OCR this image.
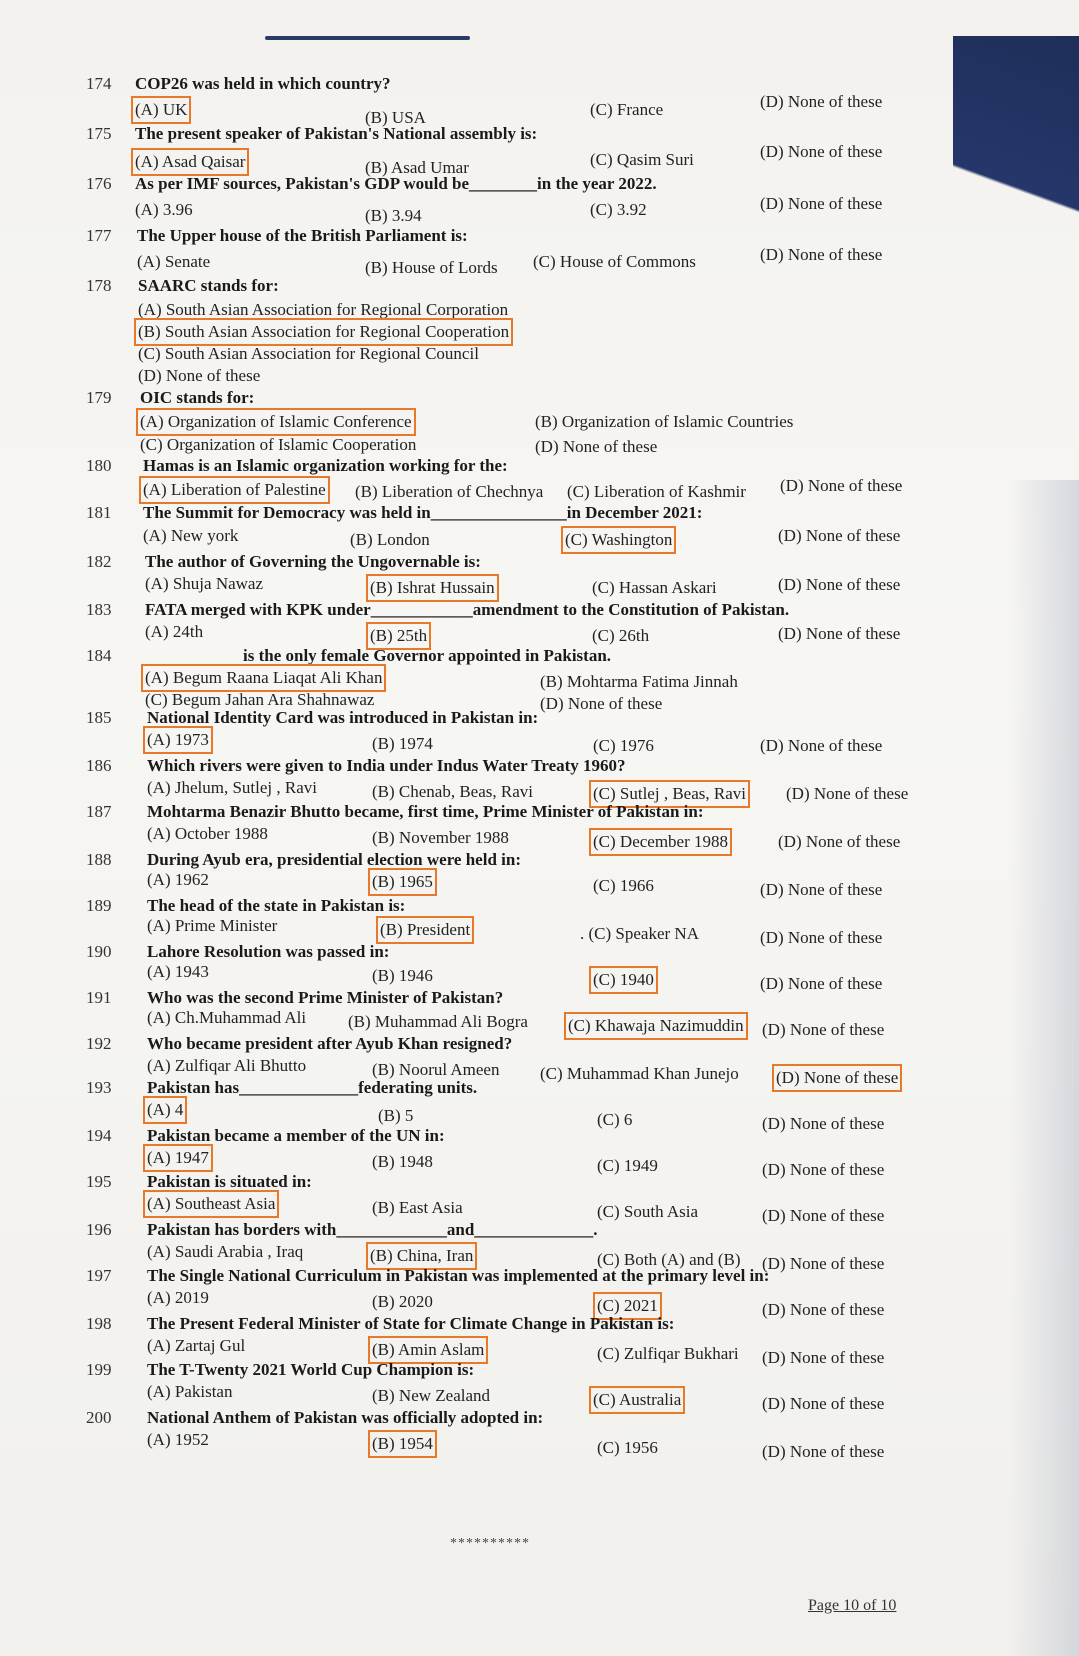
174	COP26 was held in which country?
(A) UK	(B) USA	(C) France	(D) None of these
175	The present speaker of Pakistan's National assembly is:
(A) Asad Qaisar	(B) Asad Umar	(C) Qasim Suri	(D) None of these
176	As per IMF sources, Pakistan's GDP would be________in the year 2022.
(A) 3.96	(B) 3.94	(C) 3.92	(D) None of these
177	The Upper house of the British Parliament is:
(A) Senate	(B) House of Lords (C) House of Commons	(D) None of these
178	SAARC stands for:
(A) South Asian Association for Regional Corporation
(B) South Asian Association for Regional Cooperation
(C) South Asian Association for Regional Council
(D) None of these
179	OIC stands for:
(A) Organization of Islamic Conference	(B) Organization of Islamic Countries
(C) Organization of Islamic Cooperation	(D) None of these
180	Hamas is an Islamic organization working for the:
(A) Liberation of Palestine (B) Liberation of Chechnya (C) Liberation of Kashmir (D) None of these
181	The Summit for Democracy was held in________________in December 2021:
(A) New york	(B) London	(C) Washington	(D) None of these
182	The author of Governing the Ungovernable is:
(A) Shuja Nawaz	(B) Ishrat Hussain	(C) Hassan Askari	(D) None of these
183	FATA merged with KPK under____________amendment to the Constitution of Pakistan.
(A) 24th	(B) 25th	(C) 26th	(D) None of these
184	is the only female Governor appointed in Pakistan.
(A) Begum Raana Liaqat Ali Khan	(B) Mohtarma Fatima Jinnah
(C) Begum Jahan Ara Shahnawaz	(D) None of these
185	National Identity Card was introduced in Pakistan in:
(A) 1973	(B) 1974	(C) 1976	(D) None of these
186	Which rivers were given to India under Indus Water Treaty 1960?
(A) Jhelum, Sutlej , Ravi	(B) Chenab, Beas, Ravi	(C) Sutlej , Beas, Ravi (D) None of these
187	Mohtarma Benazir Bhutto became, first time, Prime Minister of Pakistan in:
(A) October 1988	(B) November 1988	(C) December 1988	(D) None of these
188	During Ayub era, presidential election were held in:
(A) 1962	(B) 1965	(C) 1966	(D) None of these
189	The head of the state in Pakistan is:
(A) Prime Minister	(B) President	. (C) Speaker NA	(D) None of these
190	Lahore Resolution was passed in:
(A) 1943	(B) 1946	(C) 1940	(D) None of these
191	Who was the second Prime Minister of Pakistan?
(A) Ch.Muhammad Ali (B) Muhammad Ali Bogra (C) Khawaja Nazimuddin (D) None of these
192	Who became president after Ayub Khan resigned?
(A) Zulfiqar Ali Bhutto	(B) Noorul Ameen (C) Muhammad Khan Junejo (D) None of these
193	Pakistan has______________federating units.
(A) 4	(B) 5	(C) 6	(D) None of these
194	Pakistan became a member of the UN in:
(A) 1947	(B) 1948	(C) 1949	(D) None of these
195	Pakistan is situated in:
(A) Southeast Asia	(B) East Asia	(C) South Asia	(D) None of these
196	Pakistan has borders with_____________and______________.
(A) Saudi Arabia , Iraq	(B) China, Iran	(C) Both (A) and (B) (D) None of these
197	The Single National Curriculum in Pakistan was implemented at the primary level in:
(A) 2019	(B) 2020	(C) 2021	(D) None of these
198	The Present Federal Minister of State for Climate Change in Pakistan is:
(A) Zartaj Gul	(B) Amin Aslam	(C) Zulfiqar Bukhari (D) None of these
199	The T-Twenty 2021 World Cup Champion is:
(A) Pakistan	(B) New Zealand	(C) Australia	(D) None of these
200	National Anthem of Pakistan was officially adopted in:
(A) 1952	(B) 1954	(C) 1956	(D) None of these
**********
Page 10 of 10
